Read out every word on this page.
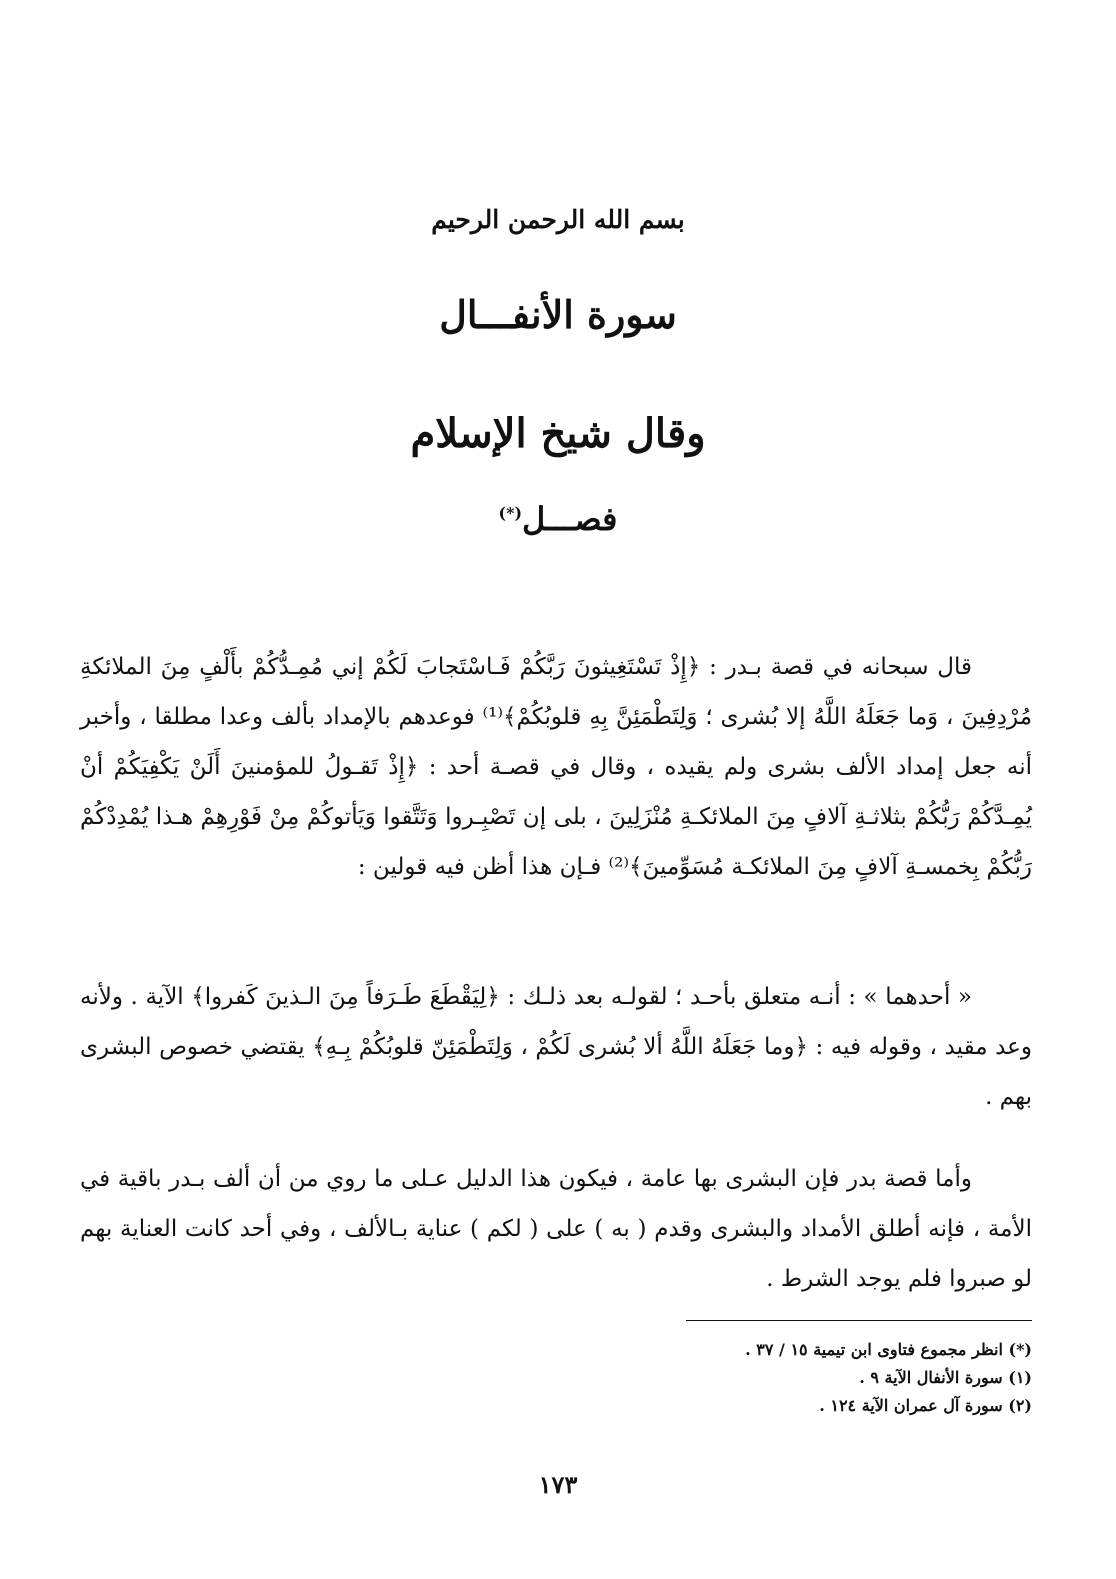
بسم الله الرحمن الرحيم
سورة الأنفـــال
وقال شيخ الإسلام
فصـــل(*)

قال سبحانه في قصة بـدر : ﴿إِذْ تَسْتَغِيثونَ رَبَّكُمْ فَـاسْتَجابَ لَكُمْ إني مُمِـدُّكُمْ بأَلْفٍ مِنَ الملائكةِ مُرْدِفِينَ ، وَما جَعَلَهُ اللَّهُ إلا بُشرى ؛ وَلِتَطْمَئِنَّ بِهِ قلوبُكُمْ﴾⁽¹⁾ فوعدهم بالإمداد بألف وعدا مطلقا ، وأخبر أنه جعل إمداد الألف بشرى ولم يقيده ، وقال في قصـة أحد : ﴿إِذْ تَقـولُ للمؤمنينَ أَلَنْ يَكْفِيَكُمْ أنْ يُمِـدَّكُمْ رَبُّكُمْ بثلاثـةِ آلافٍ مِنَ الملائكـةِ مُنْزَلِينَ ، بلى إن تَصْبِـروا وَتَتَّقوا وَيَأتوكُمْ مِنْ فَوْرِهِمْ هـذا يُمْدِدْكُمْ رَبُّكُمْ بِخمسـةِ آلافٍ مِنَ الملائكـة مُسَوِّمينَ﴾⁽²⁾ فـإن هذا أظن فيه قولين :

« أحدهما » : أنـه متعلق بأحـد ؛ لقولـه بعد ذلـك : ﴿لِيَقْطَعَ طَـرَفاً مِنَ الـذينَ كَفروا﴾ الآية . ولأنه وعد مقيد ، وقوله فيه : ﴿وما جَعَلَهُ اللَّهُ ألا بُشرى لَكُمْ ، وَلِتَطْمَئِنّ قلوبُكُمْ بِـهِ﴾ يقتضي خصوص البشرى بهم .

وأما قصة بدر فإن البشرى بها عامة ، فيكون هذا الدليل عـلى ما روي من أن ألف بـدر باقية في الأمة ، فإنه أطلق الأمداد والبشرى وقدم ( به ) على ( لكم ) عناية بـالألف ، وفي أحد كانت العناية بهم لو صبروا فلم يوجد الشرط .

(*) انظر مجموع فتاوى ابن تيمية ١٥ / ٣٧ .
(١) سورة الأنفال الآية ٩ .
(٢) سورة آل عمران الآية ١٢٤ .
١٧٣
